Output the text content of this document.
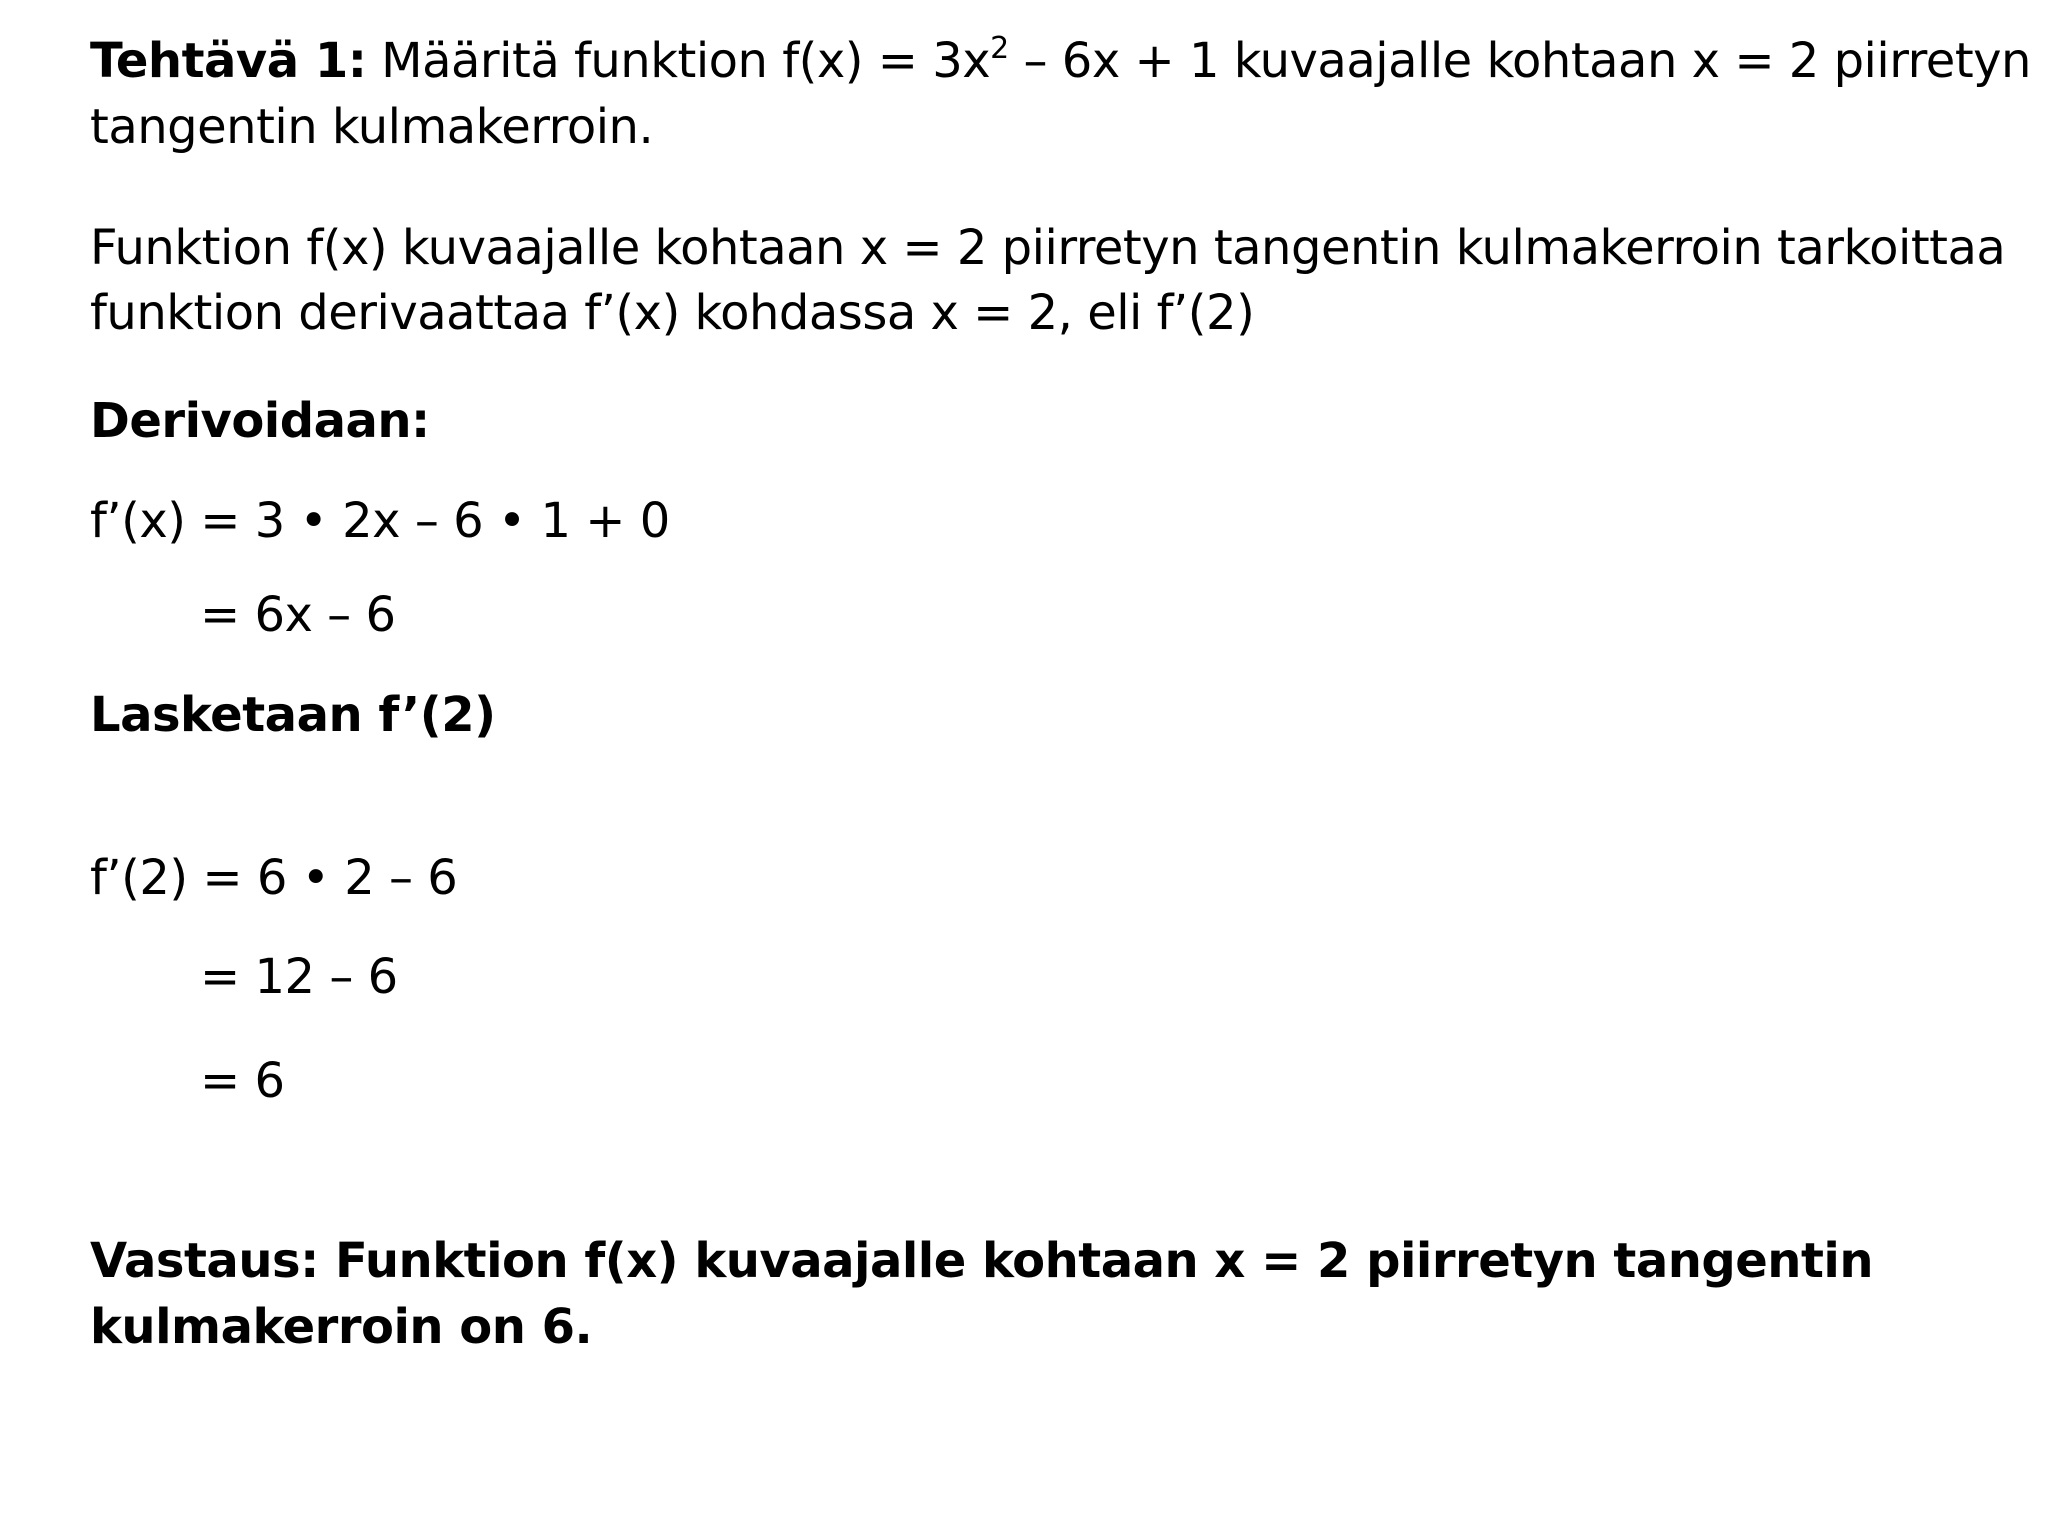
Tehtävä 1: Määritä funktion $f(x) = 3x^2 - 6x + 1$ kuvaajalle kohtaan x = 2 piirretyn
tangentin kulmakerroin.
Funktion f(x) kuvaajalle kohtaan x = 2 piirretyn tangentin kulmakerroin tarkoittaa
funktion derivaattaa f’(x) kohdassa x = 2, eli f’(2)
Derivoidaan:
f’(x) = 3 • 2x – 6 • 1 + 0
= 6x – 6
Lasketaan f’(2)
f’(2) = 6 • 2 – 6
= 12 – 6
= 6
Vastaus: Funktion f(x) kuvaajalle kohtaan x = 2 piirretyn tangentin
kulmakerroin on 6.
